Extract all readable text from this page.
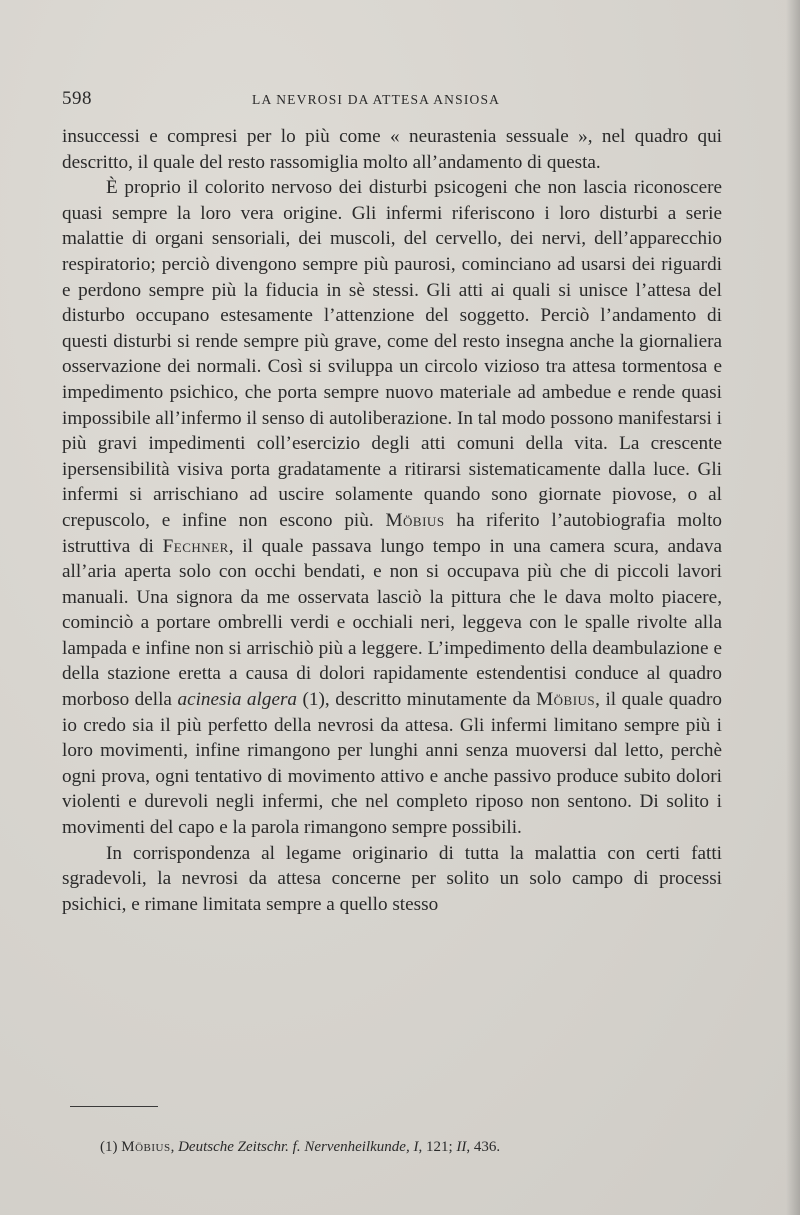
598	LA NEVROSI DA ATTESA ANSIOSA

insuccessi e compresi per lo più come « neurastenia sessuale », nel quadro qui descritto, il quale del resto rassomiglia molto all’andamento di questa.

È proprio il colorito nervoso dei disturbi psicogeni che non lascia riconoscere quasi sempre la loro vera origine. Gli infermi riferiscono i loro disturbi a serie malattie di organi sensoriali, dei muscoli, del cervello, dei nervi, dell’apparecchio respiratorio; perciò divengono sempre più paurosi, cominciano ad usarsi dei riguardi e perdono sempre più la fiducia in sè stessi. Gli atti ai quali si unisce l’attesa del disturbo occupano estesamente l’attenzione del soggetto. Perciò l’andamento di questi disturbi si rende sempre più grave, come del resto insegna anche la giornaliera osservazione dei normali. Così si sviluppa un circolo vizioso tra attesa tormentosa e impedimento psichico, che porta sempre nuovo materiale ad ambedue e rende quasi impossibile all’infermo il senso di autoliberazione. In tal modo possono manifestarsi i più gravi impedimenti coll’esercizio degli atti comuni della vita. La crescente ipersensibilità visiva porta gradatamente a ritirarsi sistematicamente dalla luce. Gli infermi si arrischiano ad uscire solamente quando sono giornate piovose, o al crepuscolo, e infine non escono più. Möbius ha riferito l’autobiografia molto istruttiva di Fechner, il quale passava lungo tempo in una camera scura, andava all’aria aperta solo con occhi bendati, e non si occupava più che di piccoli lavori manuali. Una signora da me osservata lasciò la pittura che le dava molto piacere, cominciò a portare ombrelli verdi e occhiali neri, leggeva con le spalle rivolte alla lampada e infine non si arrischiò più a leggere. L’impedimento della deambulazione e della stazione eretta a causa di dolori rapidamente estendentisi conduce al quadro morboso della acinesia algera (1), descritto minutamente da Möbius, il quale quadro io credo sia il più perfetto della nevrosi da attesa. Gli infermi limitano sempre più i loro movimenti, infine rimangono per lunghi anni senza muoversi dal letto, perchè ogni prova, ogni tentativo di movimento attivo e anche passivo produce subito dolori violenti e durevoli negli infermi, che nel completo riposo non sentono. Di solito i movimenti del capo e la parola rimangono sempre possibili.

In corrispondenza al legame originario di tutta la malattia con certi fatti sgradevoli, la nevrosi da attesa concerne per solito un solo campo di processi psichici, e rimane limitata sempre a quello stesso

(1) Möbius, Deutsche Zeitschr. f. Nervenheilkunde, I, 121; II, 436.
